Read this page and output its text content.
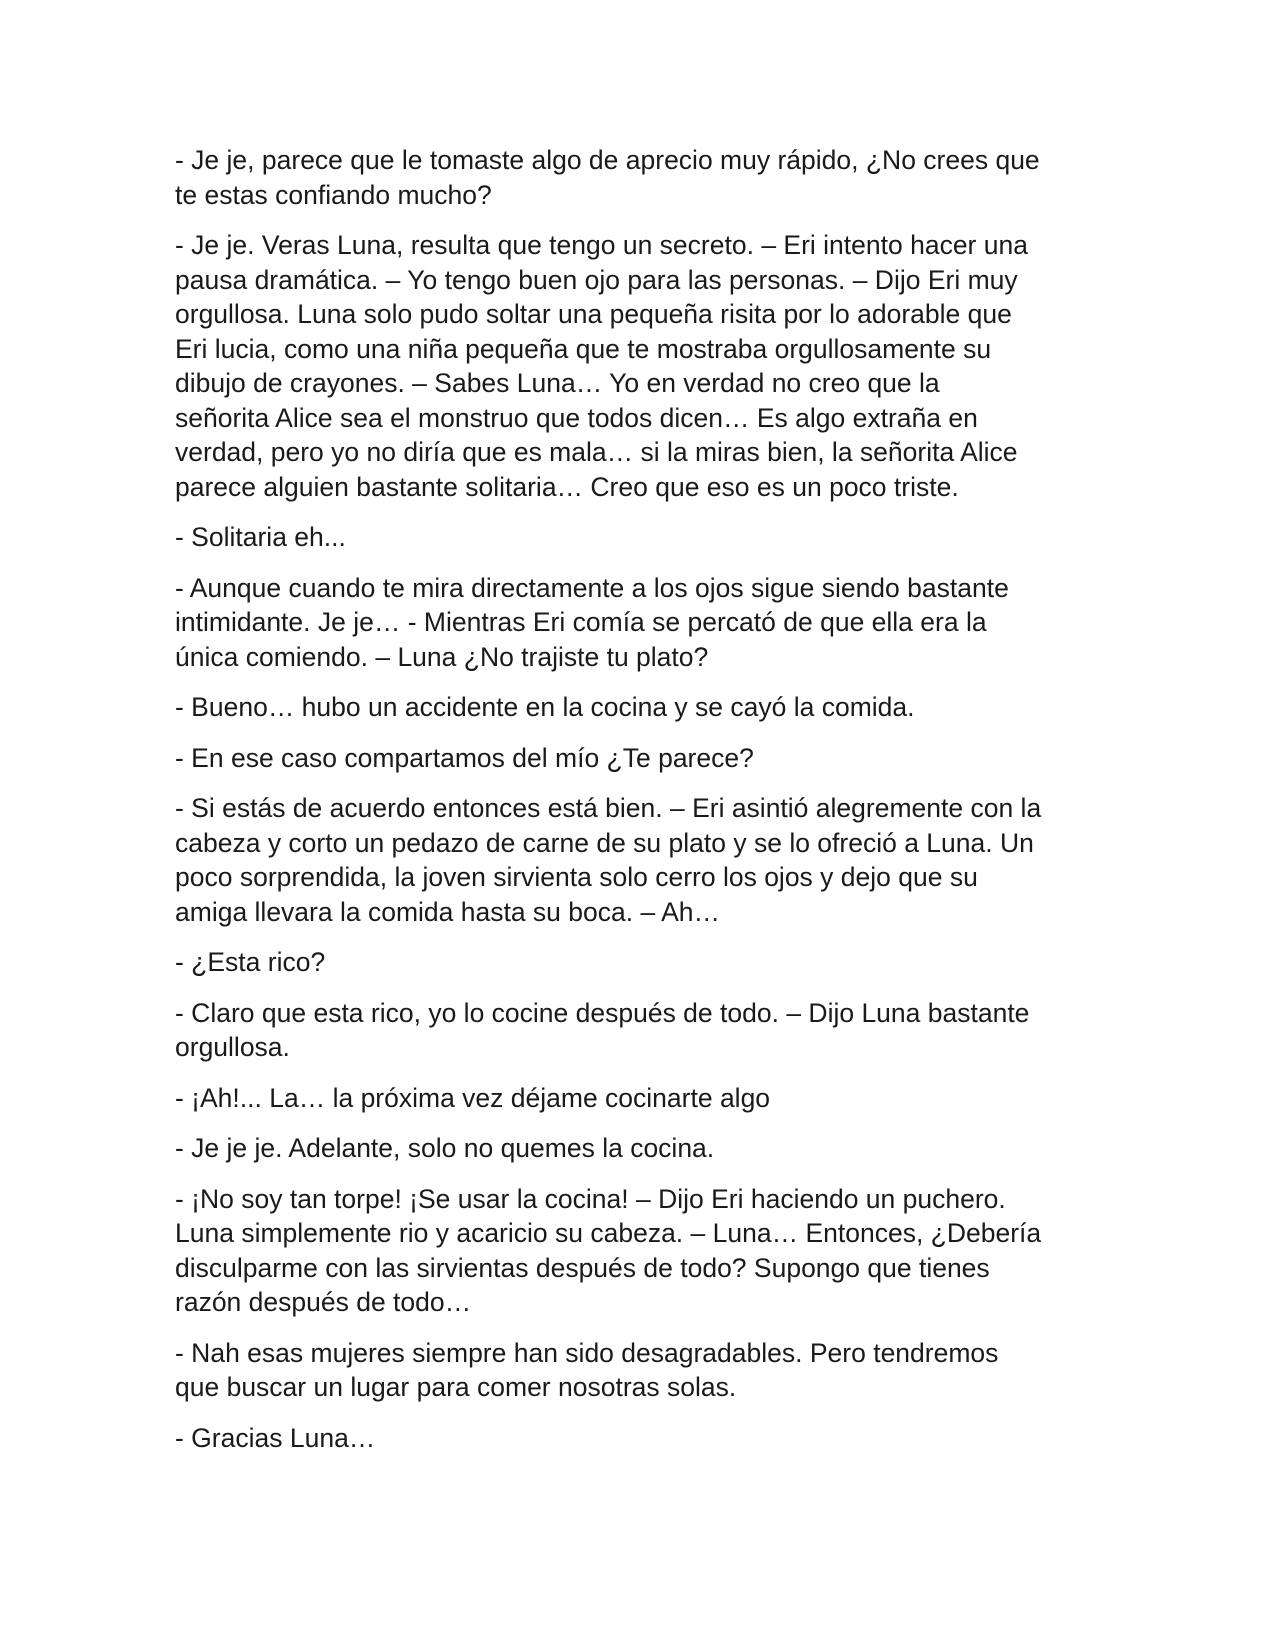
- Je je, parece que le tomaste algo de aprecio muy rápido, ¿No crees que
te estas confiando mucho?

- Je je. Veras Luna, resulta que tengo un secreto. – Eri intento hacer una
pausa dramática. – Yo tengo buen ojo para las personas. – Dijo Eri muy
orgullosa. Luna solo pudo soltar una pequeña risita por lo adorable que
Eri lucia, como una niña pequeña que te mostraba orgullosamente su
dibujo de crayones. – Sabes Luna… Yo en verdad no creo que la
señorita Alice sea el monstruo que todos dicen… Es algo extraña en
verdad, pero yo no diría que es mala… si la miras bien, la señorita Alice
parece alguien bastante solitaria… Creo que eso es un poco triste.

- Solitaria eh...

- Aunque cuando te mira directamente a los ojos sigue siendo bastante
intimidante. Je je… - Mientras Eri comía se percató de que ella era la
única comiendo. – Luna ¿No trajiste tu plato?

- Bueno… hubo un accidente en la cocina y se cayó la comida.

- En ese caso compartamos del mío ¿Te parece?

- Si estás de acuerdo entonces está bien. – Eri asintió alegremente con la
cabeza y corto un pedazo de carne de su plato y se lo ofreció a Luna. Un
poco sorprendida, la joven sirvienta solo cerro los ojos y dejo que su
amiga llevara la comida hasta su boca. – Ah…

- ¿Esta rico?

- Claro que esta rico, yo lo cocine después de todo. – Dijo Luna bastante
orgullosa.

- ¡Ah!... La… la próxima vez déjame cocinarte algo

- Je je je. Adelante, solo no quemes la cocina.

- ¡No soy tan torpe! ¡Se usar la cocina! – Dijo Eri haciendo un puchero.
Luna simplemente rio y acaricio su cabeza. – Luna… Entonces, ¿Debería
disculparme con las sirvientas después de todo? Supongo que tienes
razón después de todo…

- Nah esas mujeres siempre han sido desagradables. Pero tendremos
que buscar un lugar para comer nosotras solas.

- Gracias Luna…
